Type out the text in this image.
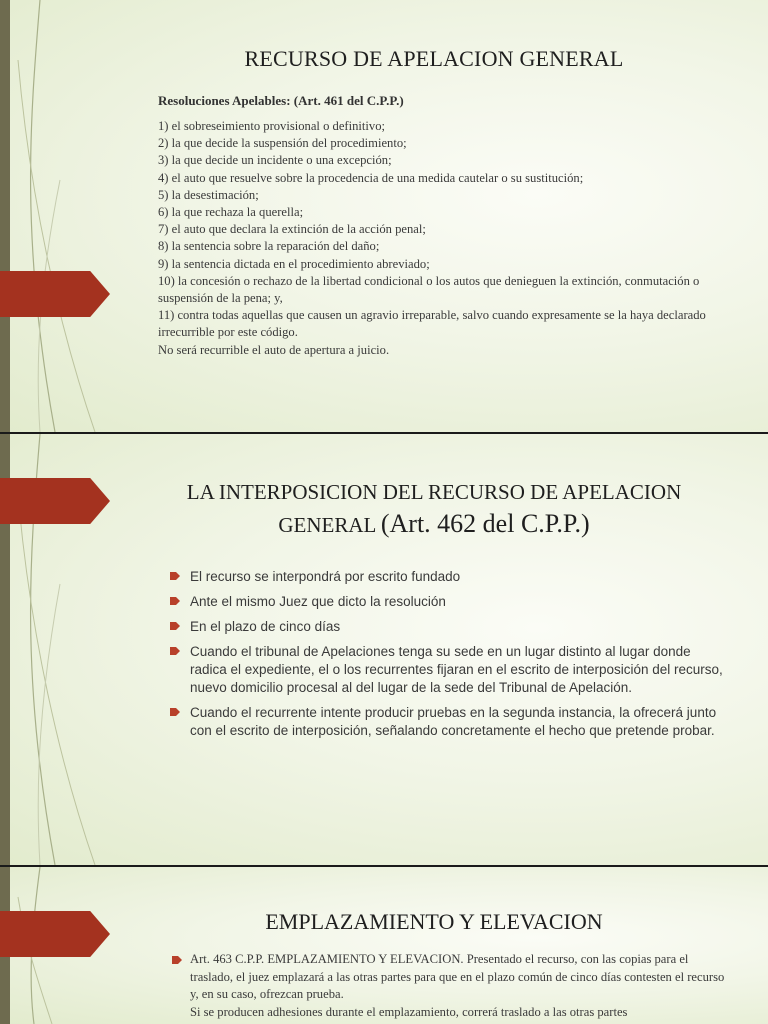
RECURSO DE APELACION GENERAL
Resoluciones Apelables: (Art. 461 del C.P.P.)
1) el sobreseimiento provisional o definitivo;
2) la que decide la suspensión del procedimiento;
3) la que decide un incidente o una excepción;
4) el auto que resuelve sobre la procedencia de una medida cautelar o su sustitución;
5) la desestimación;
6) la que rechaza la querella;
7) el auto que declara la extinción de la acción penal;
8) la sentencia sobre la reparación del daño;
9) la sentencia dictada en el procedimiento abreviado;
10) la concesión o rechazo de la libertad condicional o los autos que denieguen la extinción, conmutación o suspensión de la pena; y,
11) contra todas aquellas que causen un agravio irreparable, salvo cuando expresamente se la haya declarado irrecurrible por este código.
No será recurrible el auto de apertura a juicio.
LA INTERPOSICION DEL RECURSO DE APELACION
GENERAL (Art. 462 del C.P.P.)
El recurso se interpondrá por escrito fundado
Ante el mismo Juez que dicto la resolución
En el plazo de cinco días
Cuando el tribunal de Apelaciones tenga su sede en un lugar distinto al lugar donde radica el expediente, el o los recurrentes fijaran en el escrito de interposición del recurso, nuevo domicilio procesal al del lugar de la sede del Tribunal de Apelación.
Cuando el recurrente intente producir pruebas en la segunda instancia, la ofrecerá junto con el escrito de interposición, señalando concretamente el hecho que pretende probar.
EMPLAZAMIENTO Y ELEVACION
Art. 463 C.P.P. EMPLAZAMIENTO Y ELEVACION. Presentado el recurso, con las copias para el traslado, el juez emplazará a las otras partes para que en el plazo común de cinco días contesten el recurso y, en su caso, ofrezcan prueba.
Si se producen adhesiones durante el emplazamiento, correrá traslado a las otras partes
